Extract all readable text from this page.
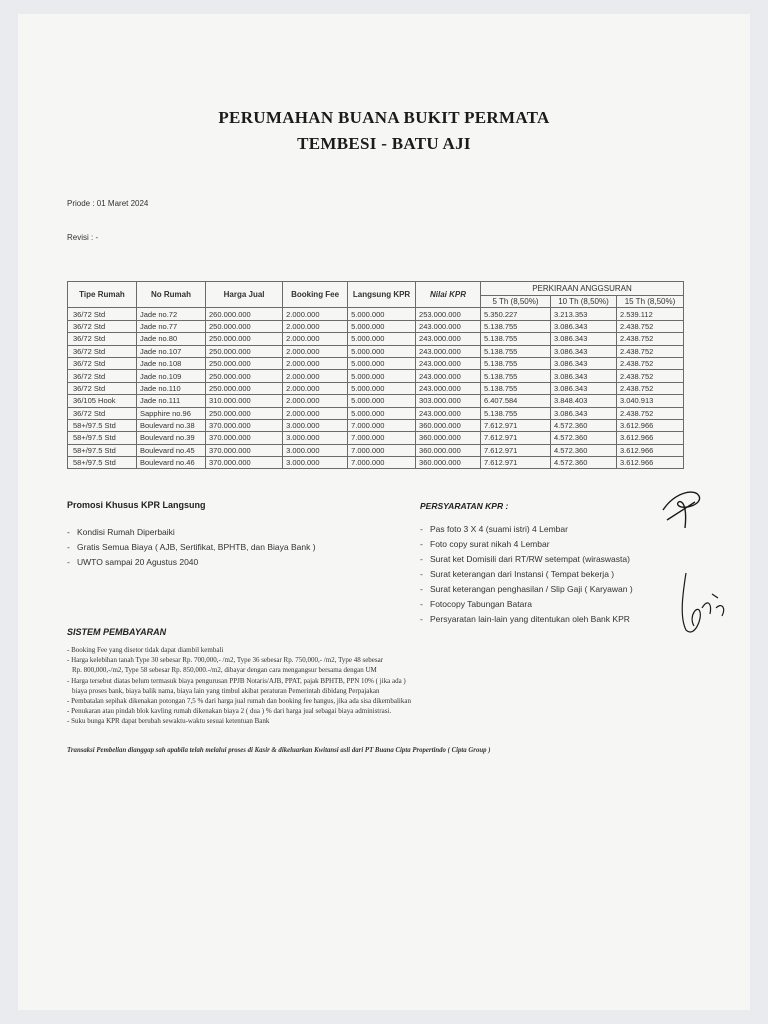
PERUMAHAN BUANA BUKIT PERMATA
TEMBESI - BATU AJI
Priode : 01 Maret 2024
Revisi : -
Tipe Rumah	No Rumah	Harga Jual	Booking Fee	Langsung KPR	Nilai KPR	PERKIRAAN ANGGSURAN		
						5 Th (8,50%)	10 Th (8,50%)	15 Th (8,50%)
36/72 Std	Jade no.72	260.000.000	2.000.000	5.000.000	253.000.000	5.350.227	3.213.353	2.539.112
36/72 Std	Jade no.77	250.000.000	2.000.000	5.000.000	243.000.000	5.138.755	3.086.343	2.438.752
36/72 Std	Jade no.80	250.000.000	2.000.000	5.000.000	243.000.000	5.138.755	3.086.343	2.438.752
36/72 Std	Jade no.107	250.000.000	2.000.000	5.000.000	243.000.000	5.138.755	3.086.343	2.438.752
36/72 Std	Jade no.108	250.000.000	2.000.000	5.000.000	243.000.000	5.138.755	3.086.343	2.438.752
36/72 Std	Jade no.109	250.000.000	2.000.000	5.000.000	243.000.000	5.138.755	3.086.343	2.438.752
36/72 Std	Jade no.110	250.000.000	2.000.000	5.000.000	243.000.000	5.138.755	3.086.343	2.438.752
36/105 Hook	Jade no.111	310.000.000	2.000.000	5.000.000	303.000.000	6.407.584	3.848.403	3.040.913
36/72 Std	Sapphire no.96	250.000.000	2.000.000	5.000.000	243.000.000	5.138.755	3.086.343	2.438.752
58+/97.5 Std	Boulevard no.38	370.000.000	3.000.000	7.000.000	360.000.000	7.612.971	4.572.360	3.612.966
58+/97.5 Std	Boulevard no.39	370.000.000	3.000.000	7.000.000	360.000.000	7.612.971	4.572.360	3.612.966
58+/97.5 Std	Boulevard no.45	370.000.000	3.000.000	7.000.000	360.000.000	7.612.971	4.572.360	3.612.966
58+/97.5 Std	Boulevard no.46	370.000.000	3.000.000	7.000.000	360.000.000	7.612.971	4.572.360	3.612.966
Promosi Khusus KPR Langsung
- Kondisi Rumah Diperbaiki
- Gratis Semua Biaya ( AJB, Sertifikat, BPHTB, dan Biaya Bank )
- UWTO sampai 20 Agustus 2040
PERSYARATAN KPR :
- Pas foto 3 X 4 (suami istri) 4 Lembar
- Foto copy surat nikah 4 Lembar
- Surat ket Domisili dari RT/RW setempat (wiraswasta)
- Surat keterangan dari Instansi ( Tempat bekerja )
- Surat keterangan penghasilan / Slip Gaji ( Karyawan )
- Fotocopy Tabungan Batara
- Persyaratan lain-lain yang ditentukan oleh Bank KPR
SISTEM PEMBAYARAN
- Booking Fee yang disetor tidak dapat diambil kembali
- Harga kelebihan tanah Type 30 sebesar Rp. 700,000,- /m2, Type 36 sebesar Rp. 750,000,- /m2, Type 48 sebesar
Rp. 800,000,-/m2, Type 58 sebesar Rp. 850,000.-/m2, dibayar dengan cara mengangsur bersama dengan UM
- Harga tersebut diatas belum termasuk biaya pengurusan PPJB Notaris/AJB, PPAT, pajak BPHTB, PPN 10% ( jika ada )
biaya proses bank, biaya balik nama, biaya lain yang timbul akibat peraturan Pemerintah dibidang Perpajakan
- Pembatalan sepihak dikenakan potongan 7,5 % dari harga jual rumah dan booking fee hangus, jika ada sisa dikembalikan
- Penukaran atau pindah blok kavling rumah dikenakan biaya 2 ( dua ) % dari harga jual sebagai biaya administrasi.
- Suku bunga KPR dapat berubah sewaktu-waktu sesuai ketentuan Bank
Transaksi Pembelian dianggap sah apabila telah melalui proses di Kasir & dikeluarkan Kwitansi asli dari PT Buana Cipta Propertindo ( Cipta Group )
